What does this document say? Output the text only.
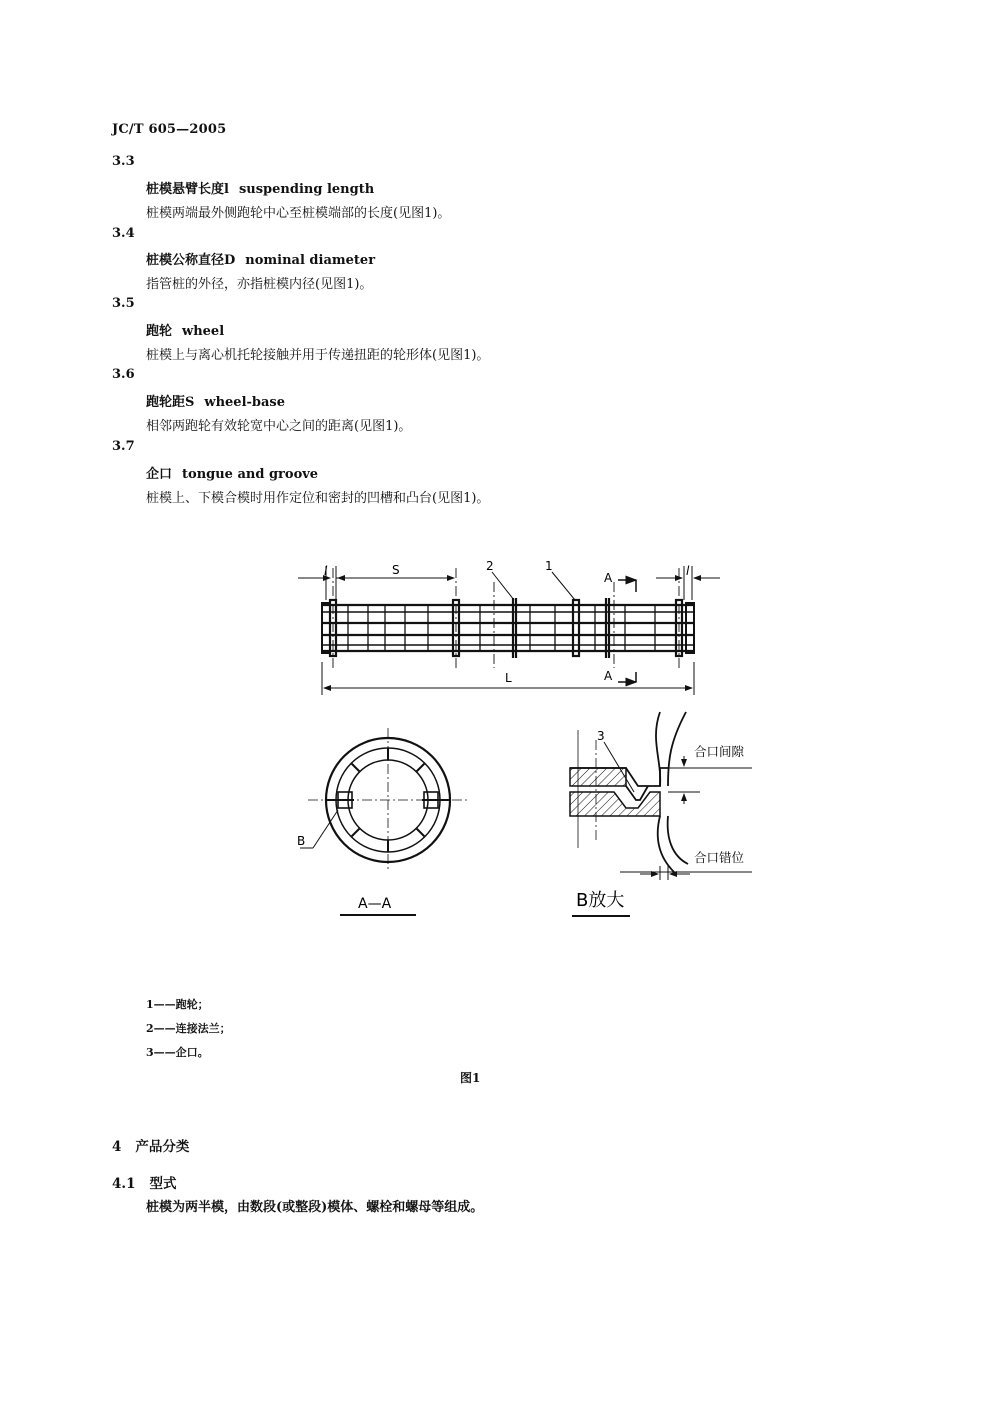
JC/T 605—2005
3.3
桩模悬臂长度l suspending length
桩模两端最外侧跑轮中心至桩模端部的长度(见图1)。
3.4
桩模公称直径D nominal diameter
指管桩的外径，亦指桩模内径(见图1)。
3.5
跑轮 wheel
桩模上与离心机托轮接触并用于传递扭距的轮形体(见图1)。
3.6
跑轮距S wheel-base
相邻两跑轮有效轮宽中心之间的距离(见图1)。
3.7
企口 tongue and groove
桩模上、下模合模时用作定位和密封的凹槽和凸台(见图1)。
l	S	2	1
A	l
L	A
B
A—A
3
合口间隙
合口错位
B放大
1——跑轮；
2——连接法兰；
3——企口。
图1
4 产品分类
4.1 型式
桩模为两半模，由数段(或整段)模体、螺栓和螺母等组成。
